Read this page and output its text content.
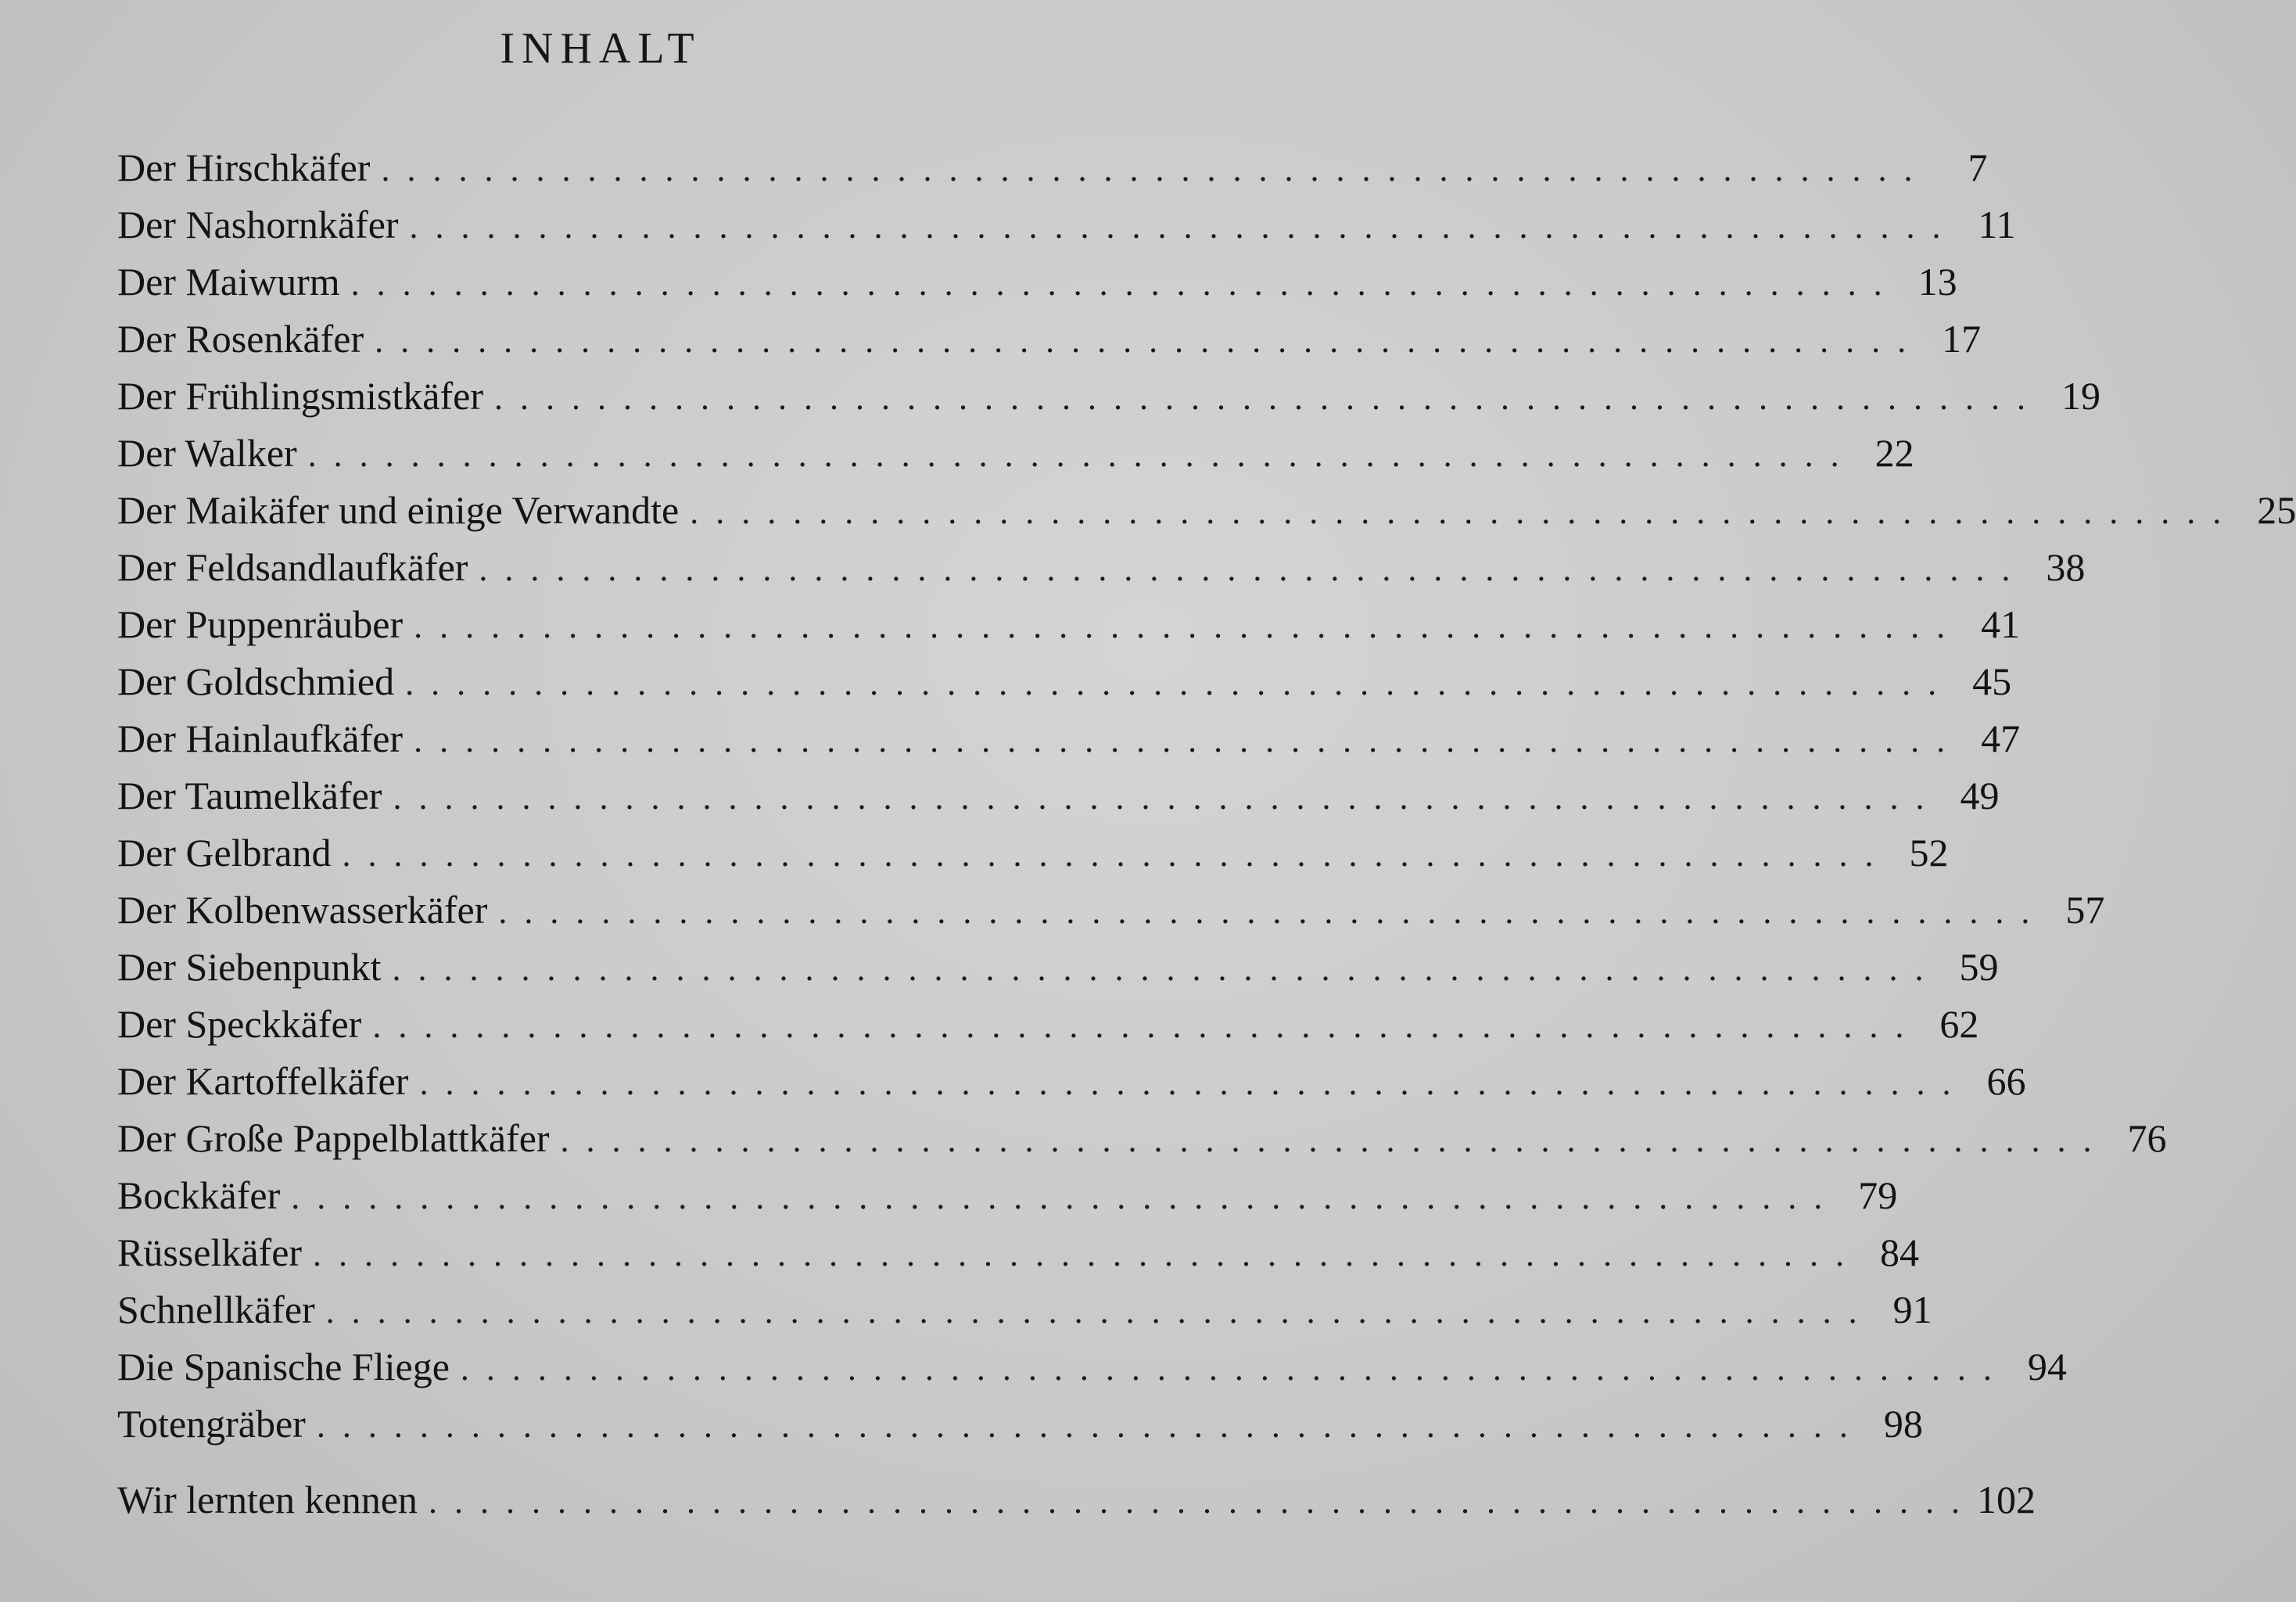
INHALT
Der Hirschkäfer ............................................................ 7
Der Nashornkäfer ............................................................ 11
Der Maiwurm ............................................................ 13
Der Rosenkäfer ............................................................ 17
Der Frühlingsmistkäfer ............................................................ 19
Der Walker ............................................................ 22
Der Maikäfer und einige Verwandte ............................................................ 25
Der Feldsandlaufkäfer ............................................................ 38
Der Puppenräuber ............................................................ 41
Der Goldschmied ............................................................ 45
Der Hainlaufkäfer ............................................................ 47
Der Taumelkäfer ............................................................ 49
Der Gelbrand ............................................................ 52
Der Kolbenwasserkäfer ............................................................ 57
Der Siebenpunkt ............................................................ 59
Der Speckkäfer ............................................................ 62
Der Kartoffelkäfer ............................................................ 66
Der Große Pappelblattkäfer ............................................................ 76
Bockkäfer ............................................................ 79
Rüsselkäfer ............................................................ 84
Schnellkäfer ............................................................ 91
Die Spanische Fliege ............................................................ 94
Totengräber ............................................................ 98
Wir lernten kennen ............................................................ 102
